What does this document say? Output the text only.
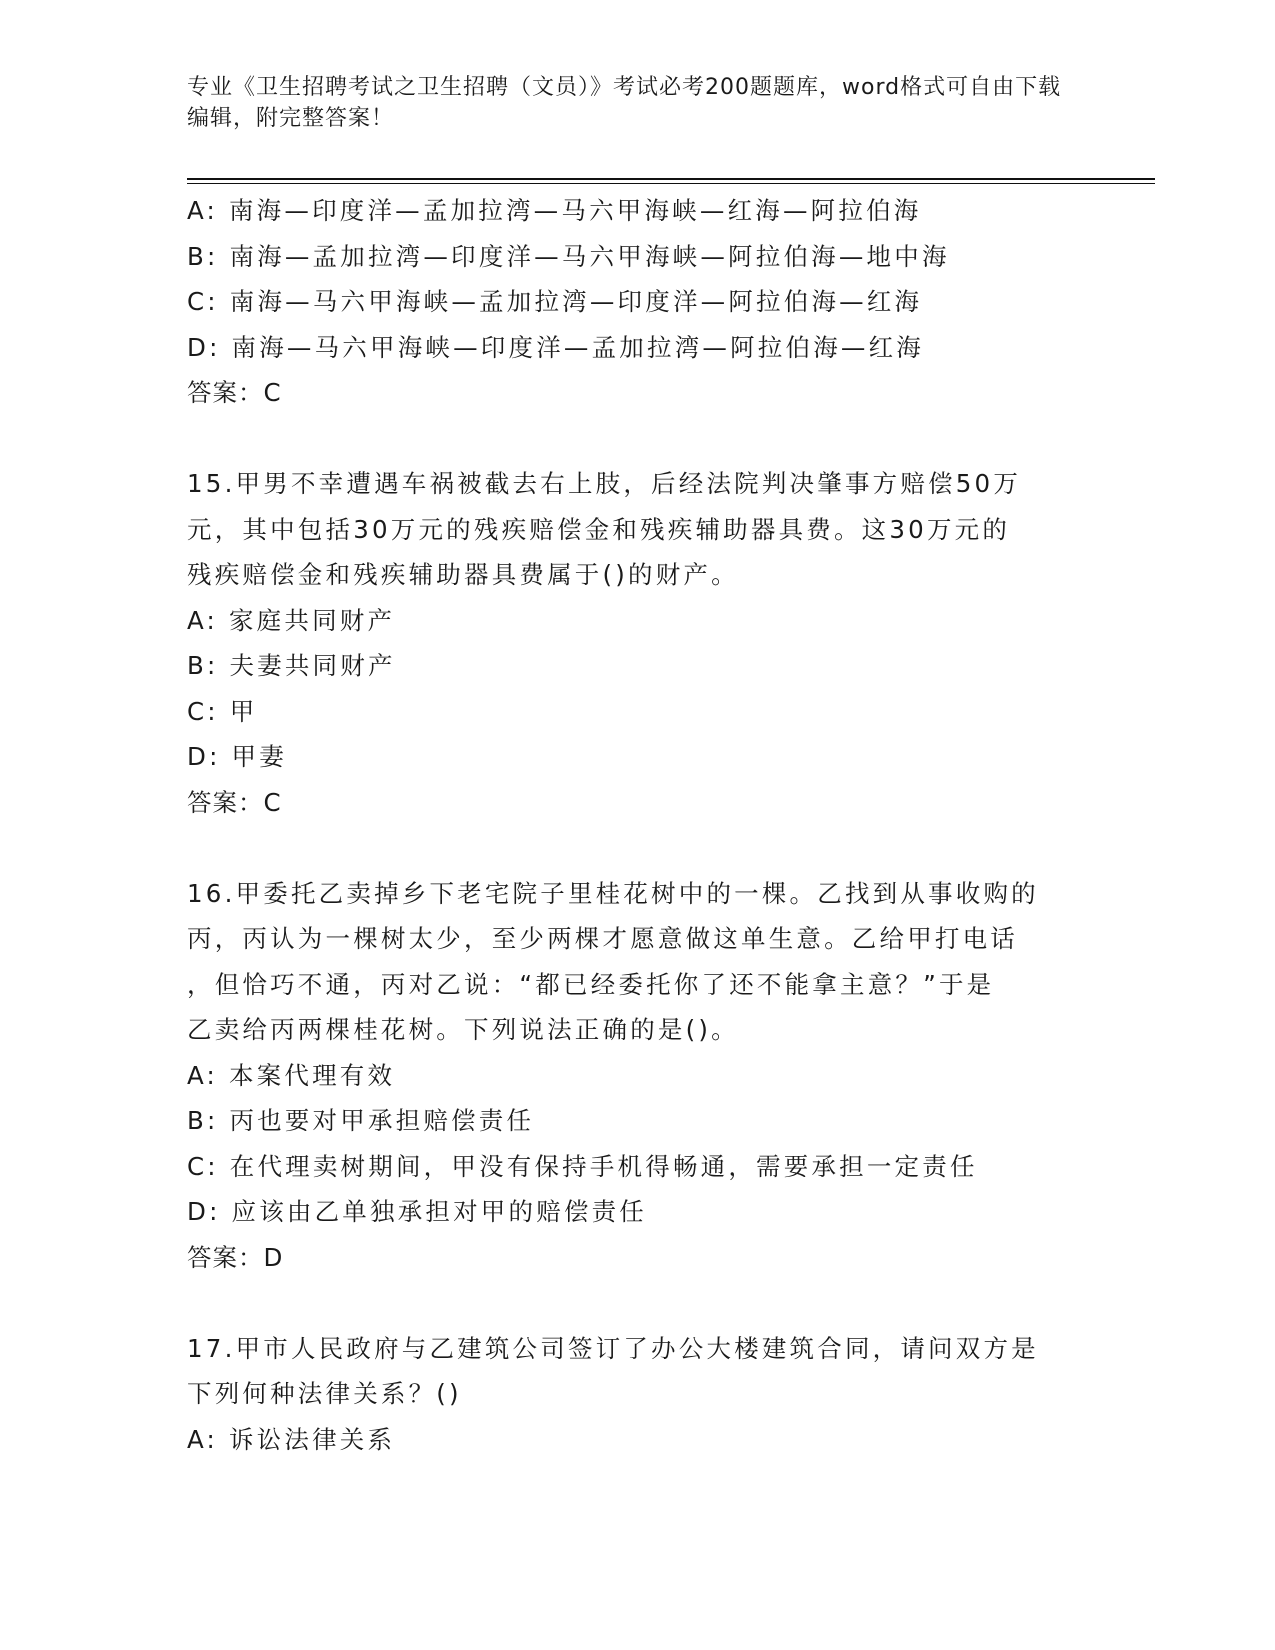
专业《卫生招聘考试之卫生招聘（文员）》考试必考200题题库，word格式可自由下载编辑，附完整答案！
A: 南海—印度洋—孟加拉湾—马六甲海峡—红海—阿拉伯海
B: 南海—孟加拉湾—印度洋—马六甲海峡—阿拉伯海—地中海
C: 南海—马六甲海峡—孟加拉湾—印度洋—阿拉伯海—红海
D: 南海—马六甲海峡—印度洋—孟加拉湾—阿拉伯海—红海
答案：C
15.甲男不幸遭遇车祸被截去右上肢，后经法院判决肇事方赔偿50万
元，其中包括30万元的残疾赔偿金和残疾辅助器具费。这30万元的
残疾赔偿金和残疾辅助器具费属于()的财产。
A: 家庭共同财产
B: 夫妻共同财产
C: 甲
D: 甲妻
答案：C
16.甲委托乙卖掉乡下老宅院子里桂花树中的一棵。乙找到从事收购的
丙，丙认为一棵树太少，至少两棵才愿意做这单生意。乙给甲打电话
，但恰巧不通，丙对乙说：“都已经委托你了还不能拿主意？”于是
乙卖给丙两棵桂花树。下列说法正确的是()。
A: 本案代理有效
B: 丙也要对甲承担赔偿责任
C: 在代理卖树期间，甲没有保持手机得畅通，需要承担一定责任
D: 应该由乙单独承担对甲的赔偿责任
答案：D
17.甲市人民政府与乙建筑公司签订了办公大楼建筑合同，请问双方是
下列何种法律关系？()
A: 诉讼法律关系
